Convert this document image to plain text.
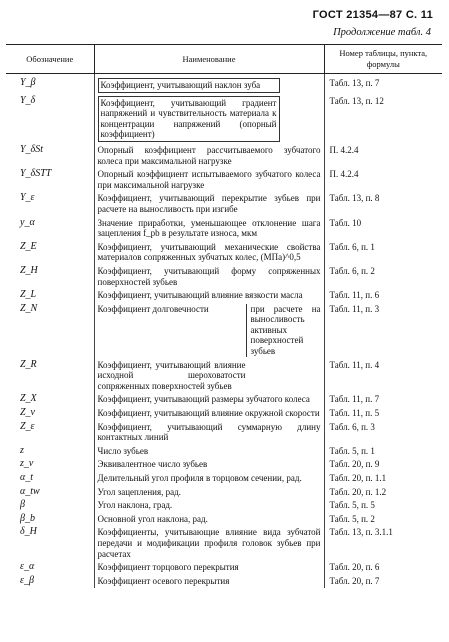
ГОСТ 21354—87 С. 11
Продолжение табл. 4
Обозначение	Наименование	Номер таблицы, пункта, формулы
Y_β	Коэффициент, учитывающий наклон зуба	Табл. 13, п. 7
Y_δ	Коэффициент, учитывающий градиент напряжений и чувствительность материала к концентрации напряжений (опорный коэффициент)	Табл. 13, п. 12
Y_δSt	Опорный коэффициент рассчитываемого зубчатого колеса при максимальной нагрузке	П. 4.2.4
Y_δSTT	Опорный коэффициент испытываемого зубчатого колеса при максимальной нагрузке	П. 4.2.4
Y_ε	Коэффициент, учитывающий перекрытие зубьев при расчете на выносливость при изгибе	Табл. 13, п. 8
y_α	Значение приработки, уменьшающее отклонение шага зацепления f_pb в результате износа, мкм	Табл. 10
Z_E	Коэффициент, учитывающий механические свойства материалов сопряженных зубчатых колес, (МПа)^0,5	Табл. 6, п. 1
Z_H	Коэффициент, учитывающий форму сопряженных поверхностей зубьев	Табл. 6, п. 2
Z_L	Коэффициент, учитывающий влияние вязкости масла	Табл. 11, п. 6
Z_N	Коэффициент долговечности при расчете на выносливость активных поверхностей зубьев	Табл. 11, п. 3
Z_R	Коэффициент, учитывающий влияние исходной шероховатости сопряженных поверхностей зубьев	Табл. 11, п. 4
Z_X	Коэффициент, учитывающий размеры зубчатого колеса	Табл. 11, п. 7
Z_v	Коэффициент, учитывающий влияние окружной скорости	Табл. 11, п. 5
Z_ε	Коэффициент, учитывающий суммарную длину контактных линий	Табл. 6, п. 3
z	Число зубьев	Табл. 5, п. 1
z_v	Эквивалентное число зубьев	Табл. 20, п. 9
α_t	Делительный угол профиля в торцовом сечении, рад.	Табл. 20, п. 1.1
α_tw	Угол зацепления, рад.	Табл. 20, п. 1.2
β	Угол наклона, град.	Табл. 5, п. 5
β_b	Основной угол наклона, рад.	Табл. 5, п. 2
δ_H	Коэффициенты, учитывающие влияние вида зубчатой передачи и модификации профиля головок зубьев при расчетах	Табл. 13, п. 3.1.1
ε_α	Коэффициент торцового перекрытия	Табл. 20, п. 6
ε_β	Коэффициент осевого перекрытия	Табл. 20, п. 7
